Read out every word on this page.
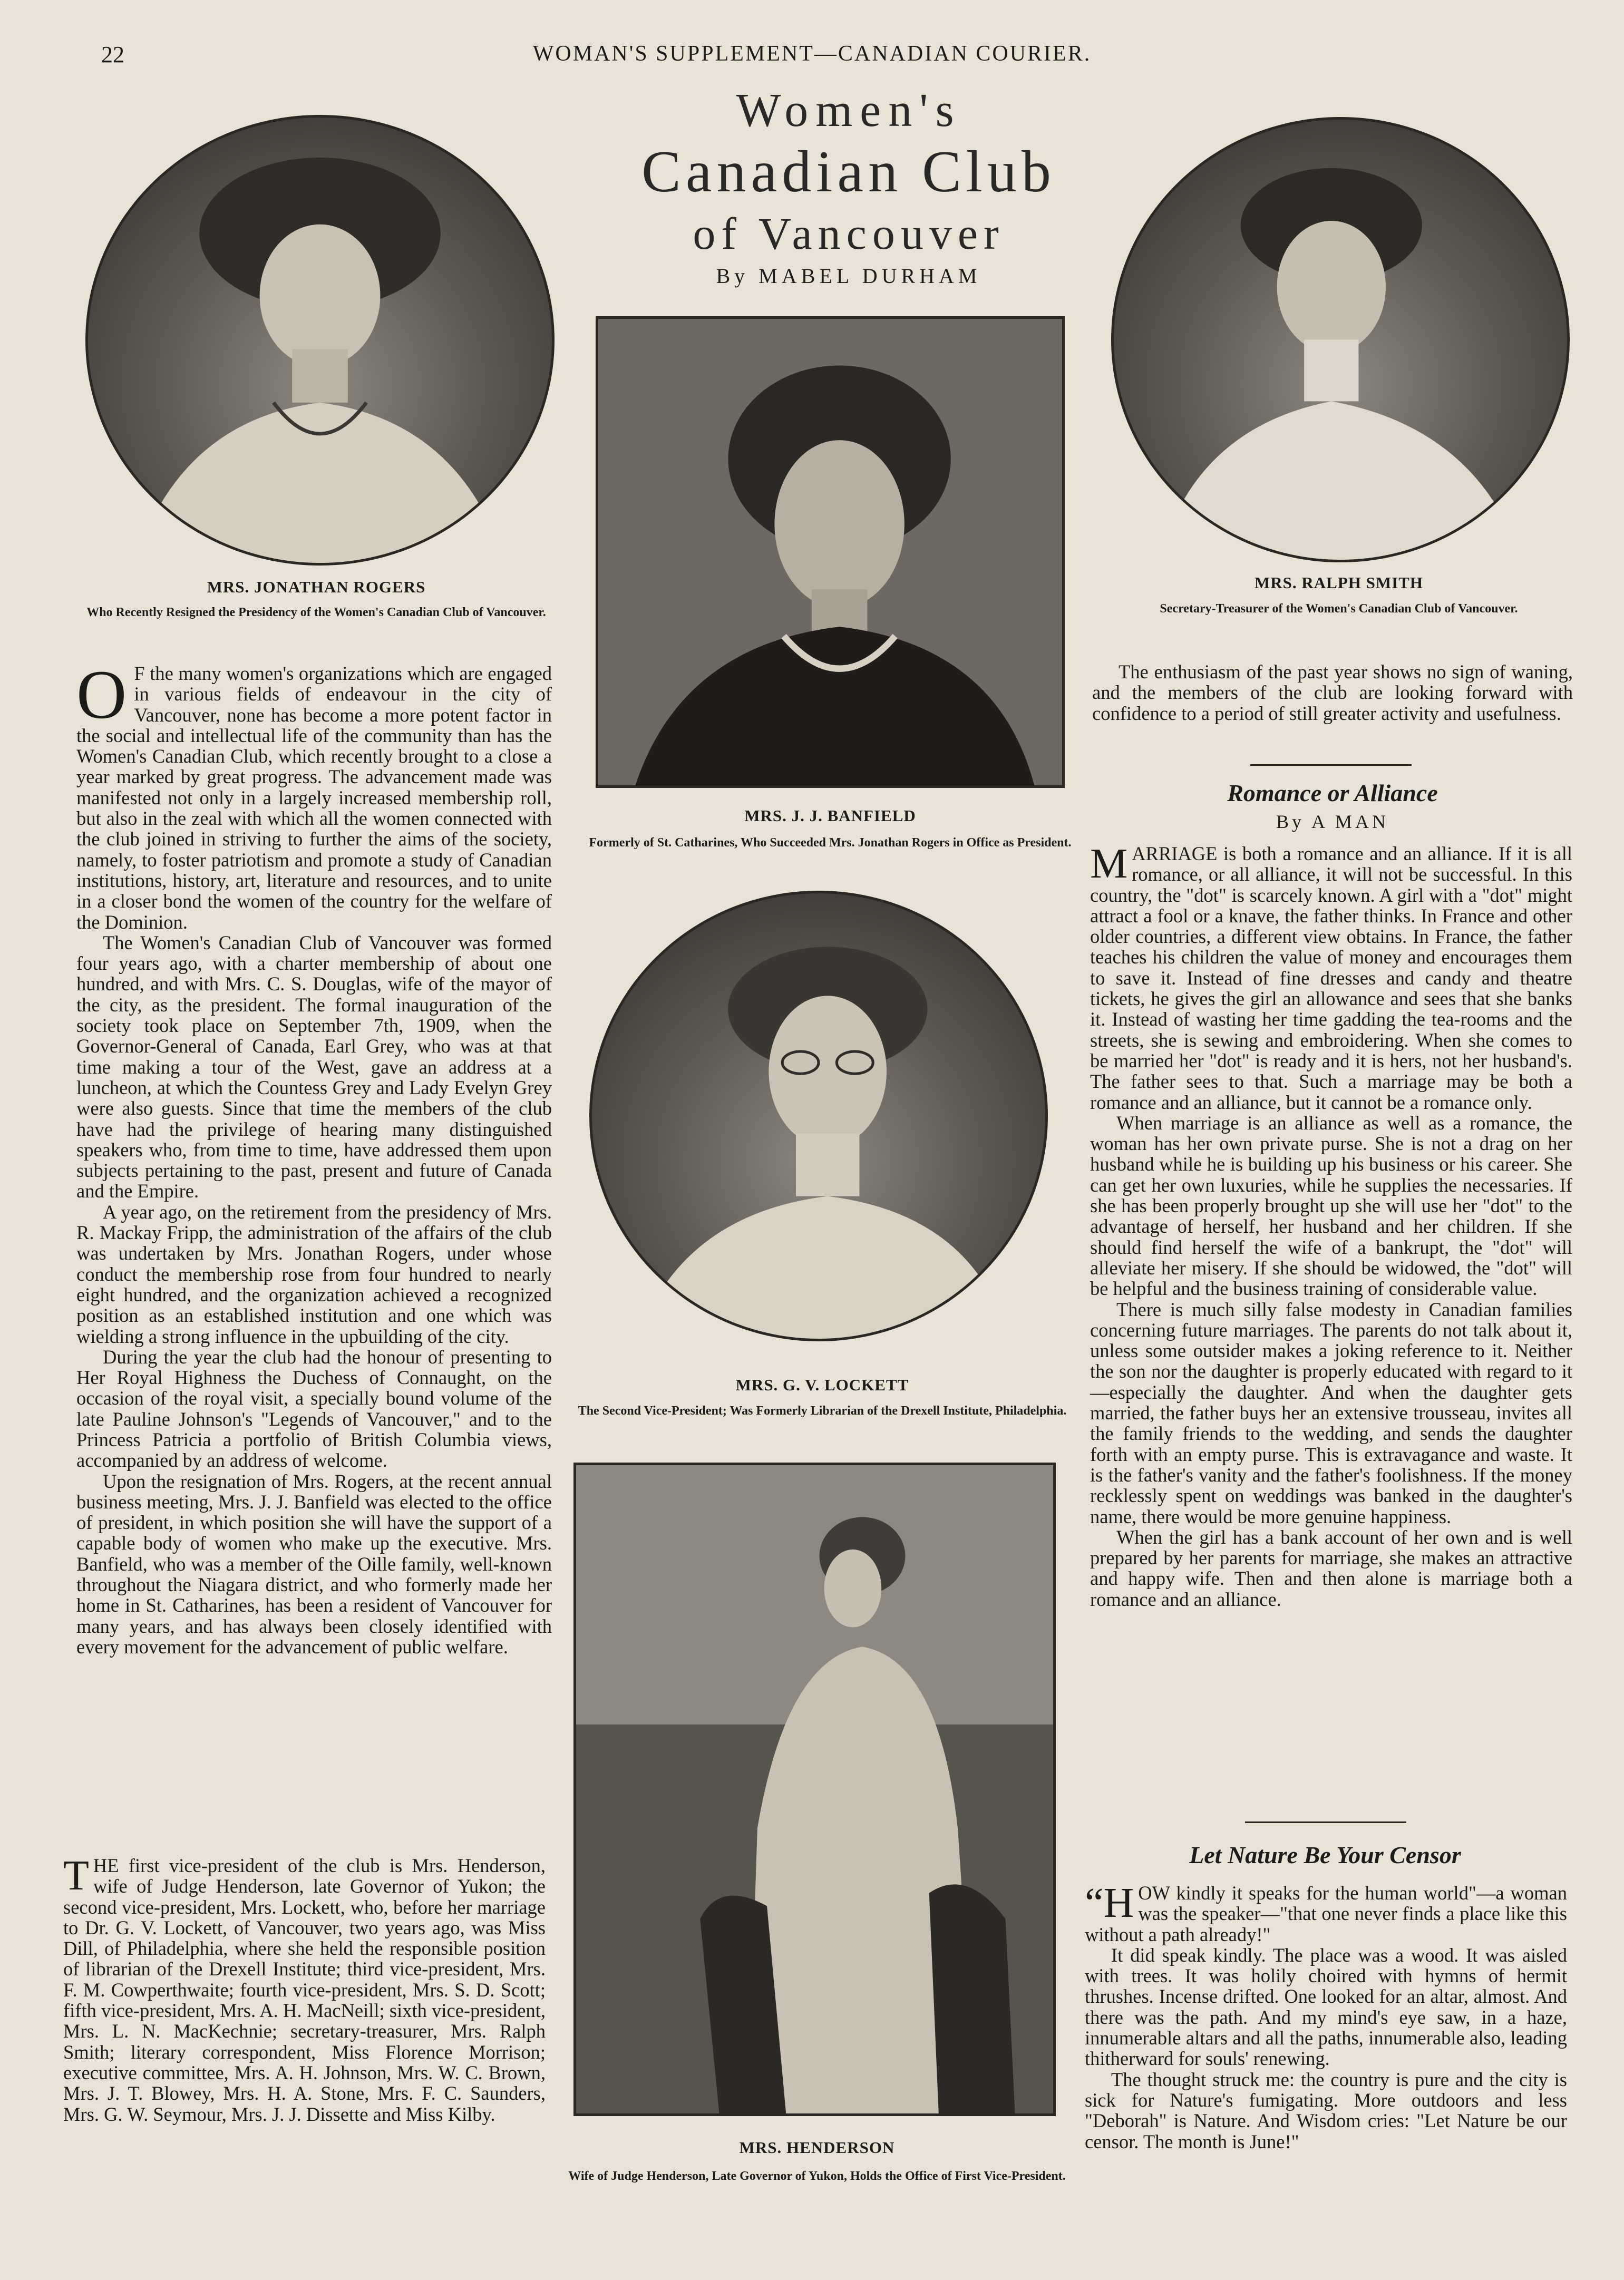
22	WOMAN'S SUPPLEMENT—CANADIAN COURIER.
Women's
Canadian Club
of Vancouver
By MABEL DURHAM
MRS. JONATHAN ROGERS
Who Recently Resigned the Presidency of the Women's Canadian Club of Vancouver.
MRS. J. J. BANFIELD
Formerly of St. Catharines, Who Succeeded Mrs. Jonathan Rogers in Office as President.
MRS. RALPH SMITH
Secretary-Treasurer of the Women's Canadian Club of Vancouver.
MRS. G. V. LOCKETT
The Second Vice-President; Was Formerly Librarian of the Drexell Institute, Philadelphia.
MRS. HENDERSON
Wife of Judge Henderson, Late Governor of Yukon, Holds the Office of First Vice-President.

O F the many women's organizations which are engaged in various fields of endeavour in the city of Vancouver, none has become a more potent factor in the social and intellectual life of the community than has the Women's Canadian Club, which recently brought to a close a year marked by great progress. The advancement made was manifested not only in a largely increased membership roll, but also in the zeal with which all the women connected with the club joined in striving to further the aims of the society, namely, to foster patriotism and promote a study of Canadian institutions, history, art, literature and resources, and to unite in a closer bond the women of the country for the welfare of the Dominion.

The Women's Canadian Club of Vancouver was formed four years ago, with a charter membership of about one hundred, and with Mrs. C. S. Douglas, wife of the mayor of the city, as the president. The formal inauguration of the society took place on September 7th, 1909, when the Governor-General of Canada, Earl Grey, who was at that time making a tour of the West, gave an address at a luncheon, at which the Countess Grey and Lady Evelyn Grey were also guests. Since that time the members of the club have had the privilege of hearing many distinguished speakers who, from time to time, have addressed them upon subjects pertaining to the past, present and future of Canada and the Empire.

A year ago, on the retirement from the presidency of Mrs. R. Mackay Fripp, the administration of the affairs of the club was undertaken by Mrs. Jonathan Rogers, under whose conduct the membership rose from four hundred to nearly eight hundred, and the organization achieved a recognized position as an established institution and one which was wielding a strong influence in the upbuilding of the city.

During the year the club had the honour of presenting to Her Royal Highness the Duchess of Connaught, on the occasion of the royal visit, a specially bound volume of the late Pauline Johnson's "Legends of Vancouver," and to the Princess Patricia a portfolio of British Columbia views, accompanied by an address of welcome.

Upon the resignation of Mrs. Rogers, at the recent annual business meeting, Mrs. J. J. Banfield was elected to the office of president, in which position she will have the support of a capable body of women who make up the executive. Mrs. Banfield, who was a member of the Oille family, well-known throughout the Niagara district, and who formerly made her home in St. Catharines, has been a resident of Vancouver for many years, and has always been closely identified with every movement for the advancement of public welfare.

THE first vice-president of the club is Mrs. Henderson, wife of Judge Henderson, late Governor of Yukon; the second vice-president, Mrs. Lockett, who, before her marriage to Dr. G. V. Lockett, of Vancouver, two years ago, was Miss Dill, of Philadelphia, where she held the responsible position of librarian of the Drexell Institute; third vice-president, Mrs. F. M. Cowperthwaite; fourth vice-president, Mrs. S. D. Scott; fifth vice-president, Mrs. A. H. MacNeill; sixth vice-president, Mrs. L. N. MacKechnie; secretary-treasurer, Mrs. Ralph Smith; literary correspondent, Miss Florence Morrison; executive committee, Mrs. A. H. Johnson, Mrs. W. C. Brown, Mrs. J. T. Blowey, Mrs. H. A. Stone, Mrs. F. C. Saunders, Mrs. G. W. Seymour, Mrs. J. J. Dissette and Miss Kilby.

The enthusiasm of the past year shows no sign of waning, and the members of the club are looking forward with confidence to a period of still greater activity and usefulness.

Romance or Alliance
By A MAN

MARRIAGE is both a romance and an alliance. If it is all romance, or all alliance, it will not be successful. In this country, the "dot" is scarcely known. A girl with a "dot" might attract a fool or a knave, the father thinks. In France and other older countries, a different view obtains. In France, the father teaches his children the value of money and encourages them to save it. Instead of fine dresses and candy and theatre tickets, he gives the girl an allowance and sees that she banks it. Instead of wasting her time gadding the tea-rooms and the streets, she is sewing and embroidering. When she comes to be married her "dot" is ready and it is hers, not her husband's. The father sees to that. Such a marriage may be both a romance and an alliance, but it cannot be a romance only.

When marriage is an alliance as well as a romance, the woman has her own private purse. She is not a drag on her husband while he is building up his business or his career. She can get her own luxuries, while he supplies the necessaries. If she has been properly brought up she will use her "dot" to the advantage of herself, her husband and her children. If she should find herself the wife of a bankrupt, the "dot" will alleviate her misery. If she should be widowed, the "dot" will be helpful and the business training of considerable value.

There is much silly false modesty in Canadian families concerning future marriages. The parents do not talk about it, unless some outsider makes a joking reference to it. Neither the son nor the daughter is properly educated with regard to it—especially the daughter. And when the daughter gets married, the father buys her an extensive trousseau, invites all the family friends to the wedding, and sends the daughter forth with an empty purse. This is extravagance and waste. It is the father's vanity and the father's foolishness. If the money recklessly spent on weddings was banked in the daughter's name, there would be more genuine happiness.

When the girl has a bank account of her own and is well prepared by her parents for marriage, she makes an attractive and happy wife. Then and then alone is marriage both a romance and an alliance.

Let Nature Be Your Censor

“HOW kindly it speaks for the human world"—a woman was the speaker—"that one never finds a place like this without a path already!"

It did speak kindly. The place was a wood. It was aisled with trees. It was holily choired with hymns of hermit thrushes. Incense drifted. One looked for an altar, almost. And there was the path. And my mind's eye saw, in a haze, innumerable altars and all the paths, innumerable also, leading thitherward for souls' renewing.

The thought struck me: the country is pure and the city is sick for Nature's fumigating. More outdoors and less "Deborah" is Nature. And Wisdom cries: "Let Nature be our censor. The month is June!"
